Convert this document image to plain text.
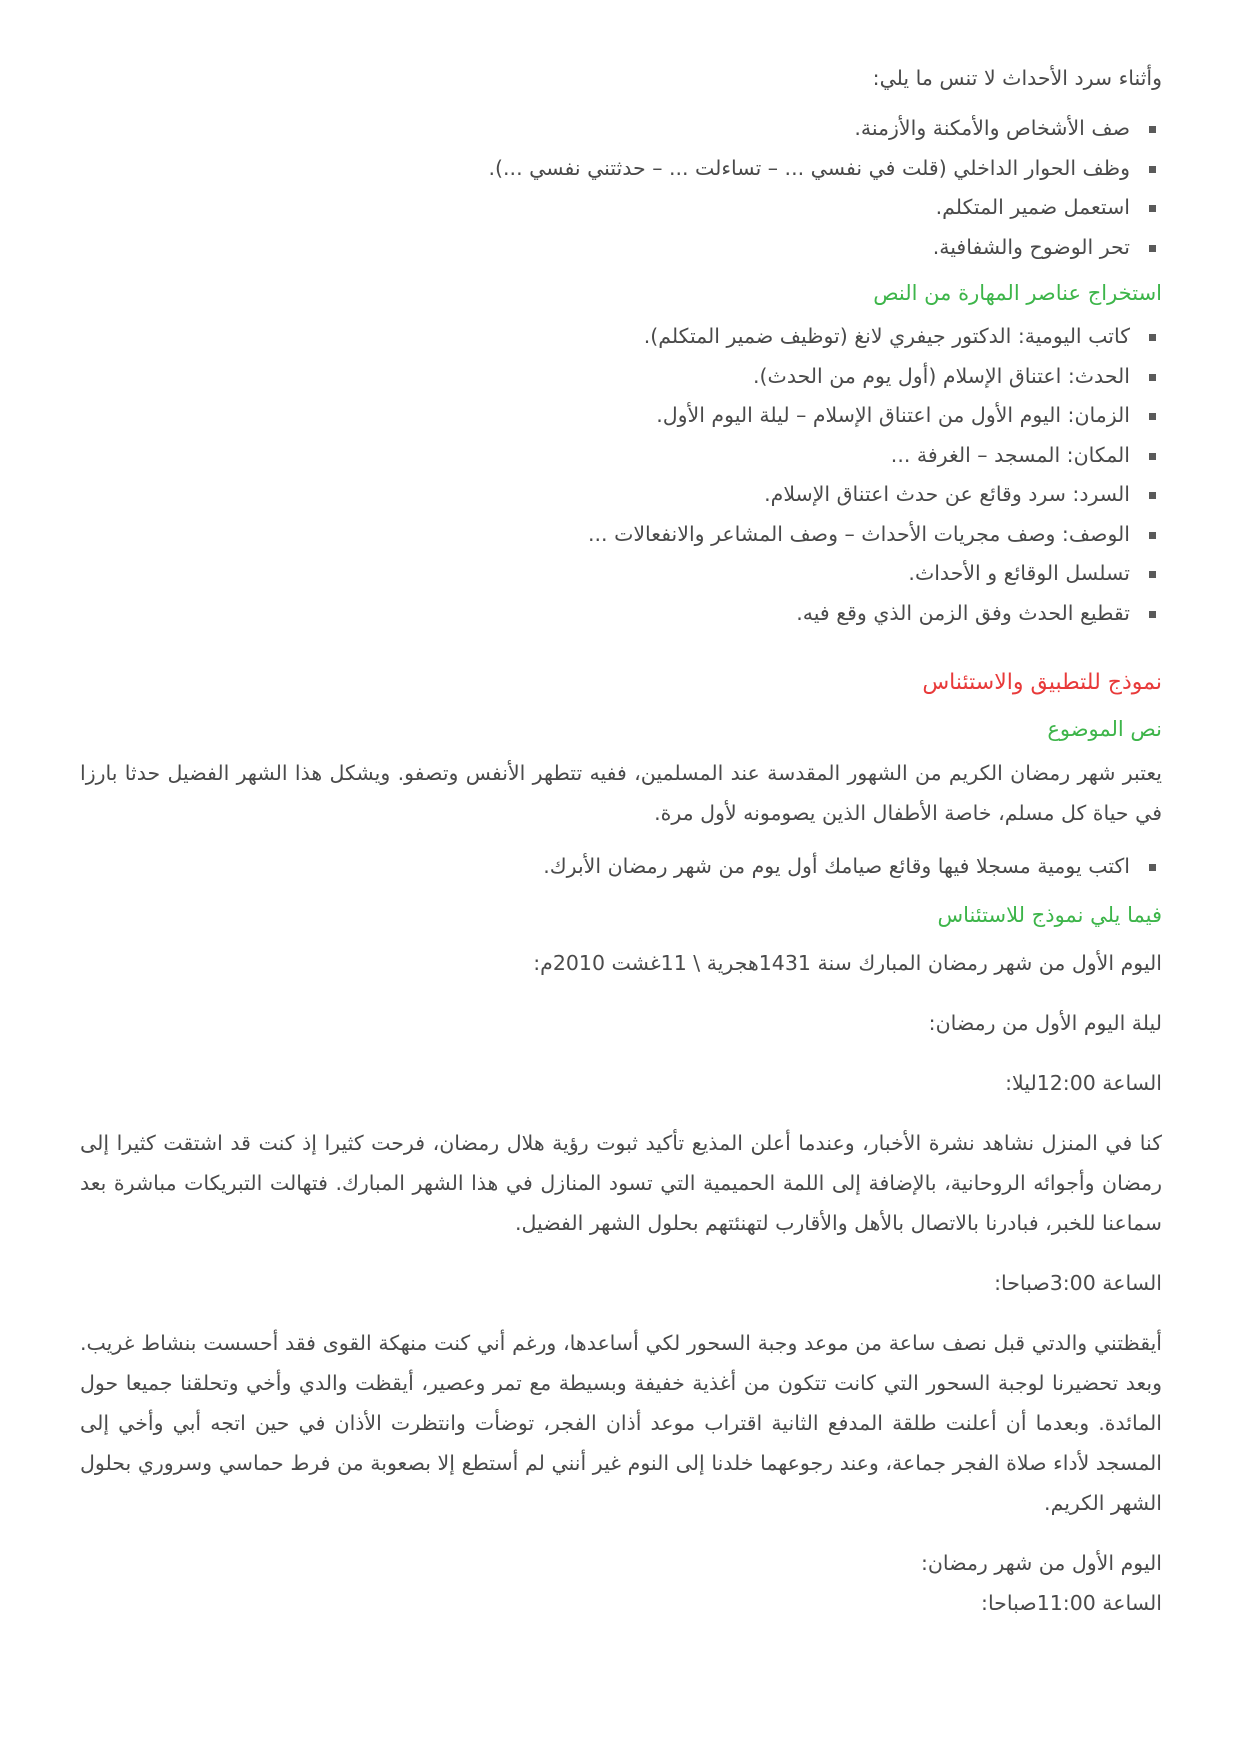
وأثناء سرد الأحداث لا تنس ما يلي:

صف الأشخاص والأمكنة والأزمنة.
وظف الحوار الداخلي (قلت في نفسي ... – تساءلت ... – حدثتني نفسي ...).
استعمل ضمير المتكلم.
تحر الوضوح والشفافية.
استخراج عناصر المهارة من النص
كاتب اليومية: الدكتور جيفري لانغ (توظيف ضمير المتكلم).
الحدث: اعتناق الإسلام (أول يوم من الحدث).
الزمان: اليوم الأول من اعتناق الإسلام – ليلة اليوم الأول.
المكان: المسجد – الغرفة ...
السرد: سرد وقائع عن حدث اعتناق الإسلام.
الوصف: وصف مجريات الأحداث – وصف المشاعر والانفعالات ...
تسلسل الوقائع و الأحداث.
تقطيع الحدث وفق الزمن الذي وقع فيه.
نموذج للتطبيق والاستئناس
نص الموضوع

يعتبر شهر رمضان الكريم من الشهور المقدسة عند المسلمين، ففيه تتطهر الأنفس وتصفو. ويشكل هذا الشهر الفضيل حدثا بارزا في حياة كل مسلم، خاصة الأطفال الذين يصومونه لأول مرة.

اكتب يومية مسجلا فيها وقائع صيامك أول يوم من شهر رمضان الأبرك.
فيما يلي نموذج للاستئناس

اليوم الأول من شهر رمضان المبارك سنة 1431هجرية \ 11غشت 2010م:

ليلة اليوم الأول من رمضان:

الساعة 12:00ليلا:

كنا في المنزل نشاهد نشرة الأخبار، وعندما أعلن المذيع تأكيد ثبوت رؤية هلال رمضان، فرحت كثيرا إذ كنت قد اشتقت كثيرا إلى رمضان وأجوائه الروحانية، بالإضافة إلى اللمة الحميمية التي تسود المنازل في هذا الشهر المبارك. فتهالت التبريكات مباشرة بعد سماعنا للخبر، فبادرنا بالاتصال بالأهل والأقارب لتهنئتهم بحلول الشهر الفضيل.

الساعة 3:00صباحا:

أيقظتني والدتي قبل نصف ساعة من موعد وجبة السحور لكي أساعدها، ورغم أني كنت منهكة القوى فقد أحسست بنشاط غريب. وبعد تحضيرنا لوجبة السحور التي كانت تتكون من أغذية خفيفة وبسيطة مع تمر وعصير، أيقظت والدي وأخي وتحلقنا جميعا حول المائدة. وبعدما أن أعلنت طلقة المدفع الثانية اقتراب موعد أذان الفجر، توضأت وانتظرت الأذان في حين اتجه أبي وأخي إلى المسجد لأداء صلاة الفجر جماعة، وعند رجوعهما خلدنا إلى النوم غير أنني لم أستطع إلا بصعوبة من فرط حماسي وسروري بحلول الشهر الكريم.

اليوم الأول من شهر رمضان:

الساعة 11:00صباحا:
